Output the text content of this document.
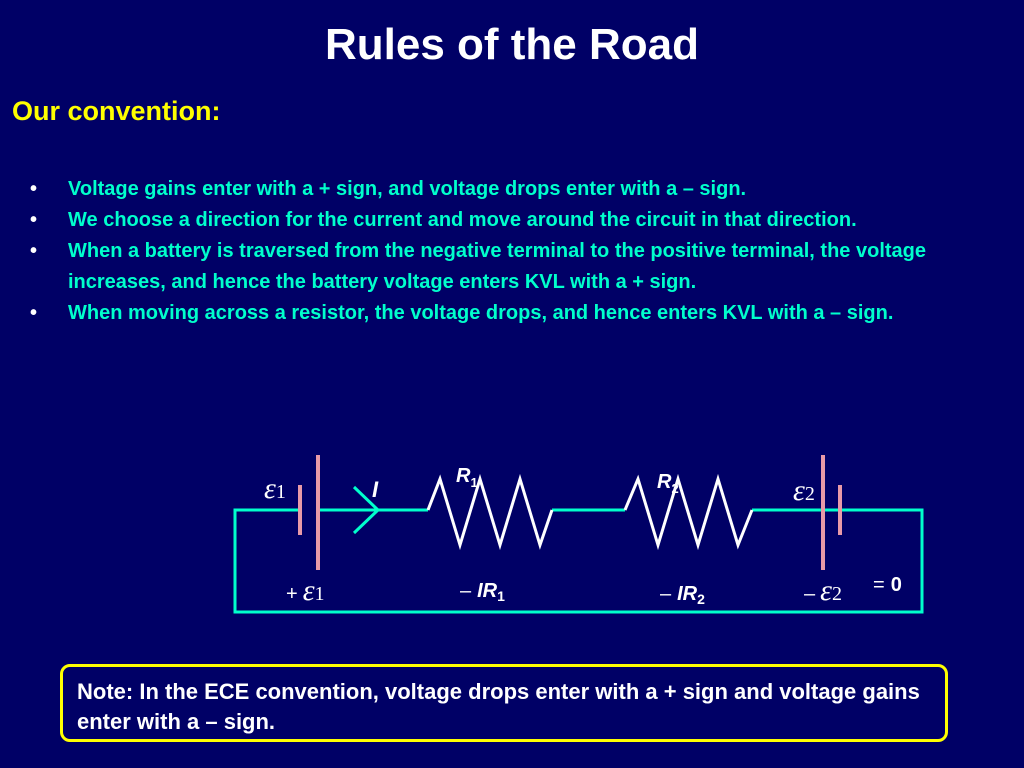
Rules of the Road
Our convention:
• Voltage gains enter with a + sign, and voltage drops enter with a – sign.
• We choose a direction for the current and move around the circuit in that direction.
• When a battery is traversed from the negative terminal to the positive terminal, the voltage increases, and hence the battery voltage enters KVL with a + sign.
• When moving across a resistor, the voltage drops, and hence enters KVL with a – sign.
ε1	I
$R_1$	$R_2$	ε2
+ ε1	– $IR_1$	– $IR_2$	– ε2 = 0
Note: In the ECE convention, voltage drops enter with a + sign and voltage gains enter with a – sign.
